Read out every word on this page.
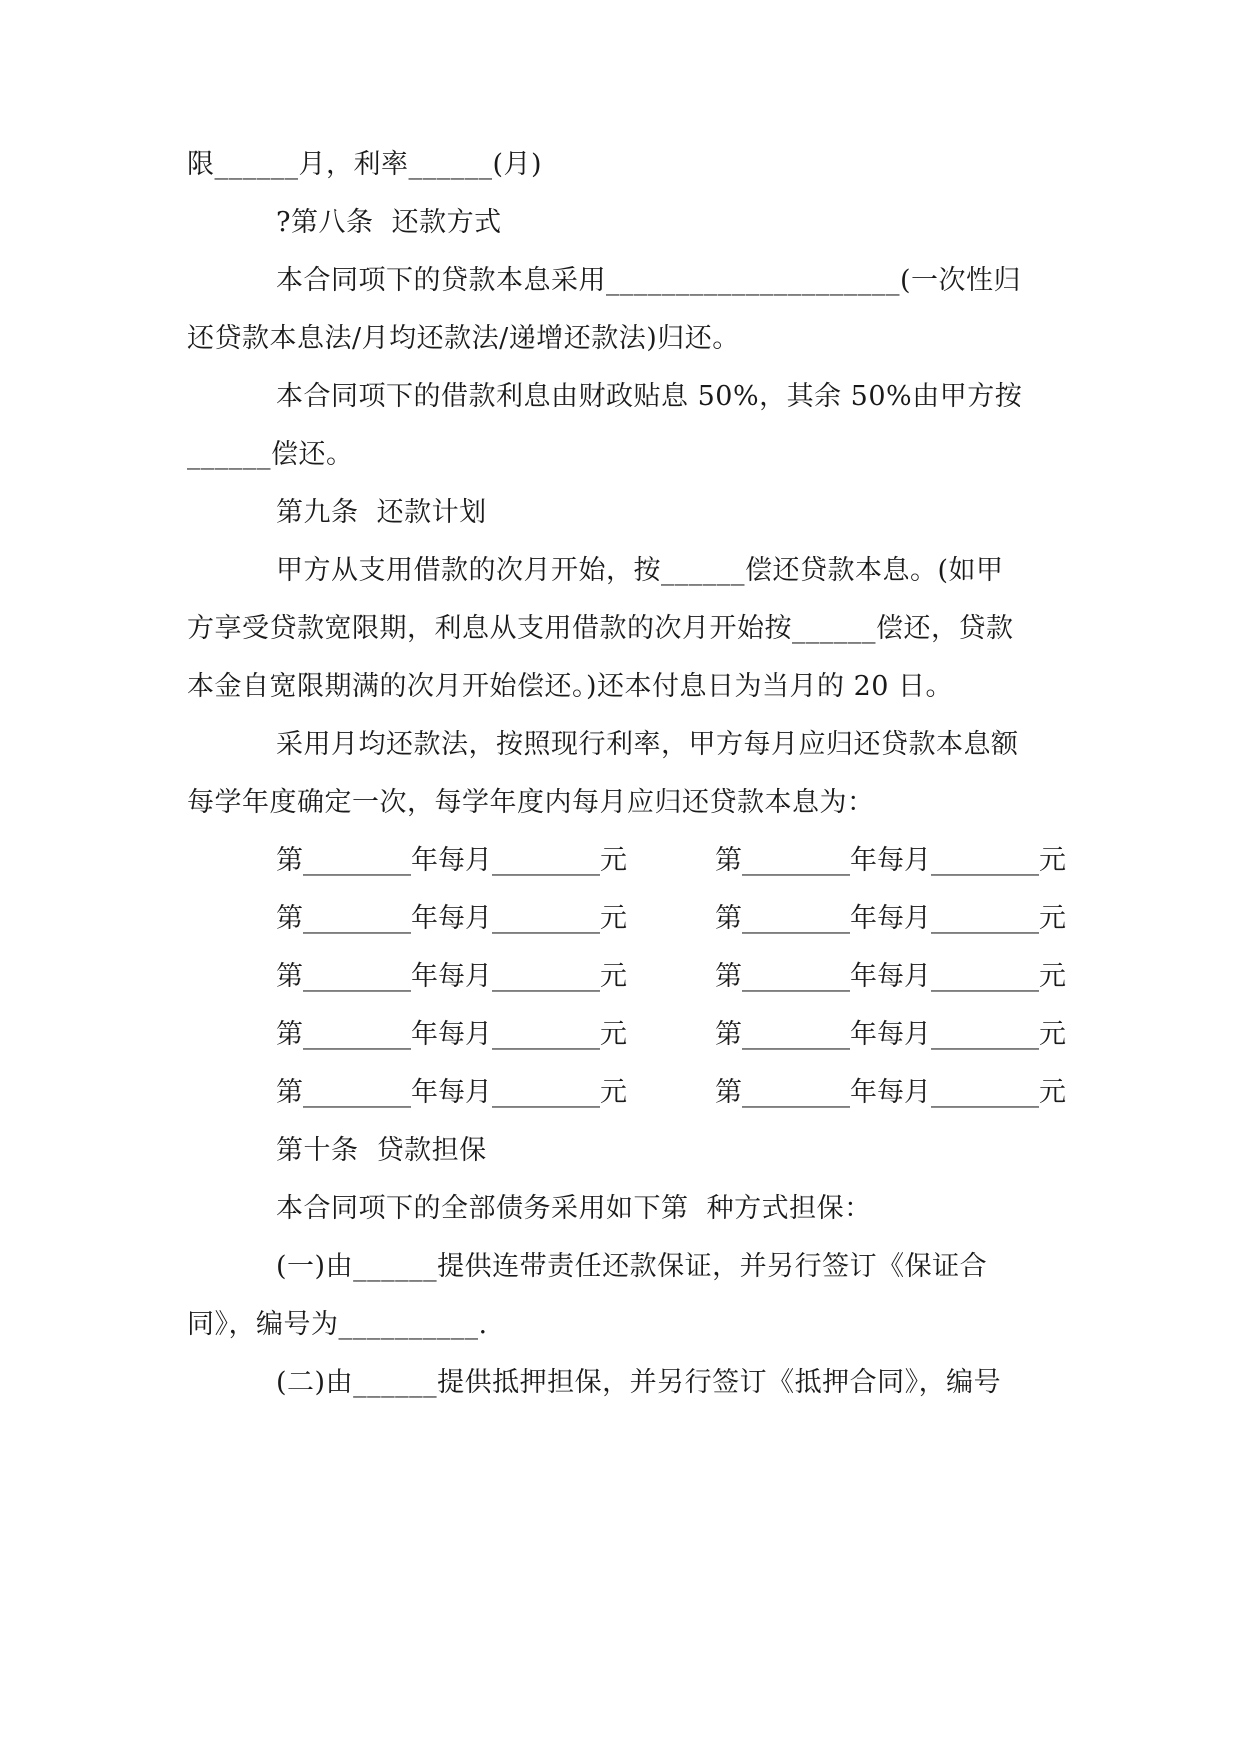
限______月，利率______(月)
?第八条  还款方式
本合同项下的贷款本息采用_____________________(一次性归
还贷款本息法/月均还款法/递增还款法)归还。
本合同项下的借款利息由财政贴息 50%，其余 50%由甲方按
______偿还。
第九条  还款计划
甲方从支用借款的次月开始，按______偿还贷款本息。(如甲
方享受贷款宽限期，利息从支用借款的次月开始按______偿还，贷款
本金自宽限期满的次月开始偿还。)还本付息日为当月的 20 日。
采用月均还款法，按照现行利率，甲方每月应归还贷款本息额
每学年度确定一次，每学年度内每月应归还贷款本息为：
第________年每月________元	第________年每月________元
第________年每月________元	第________年每月________元
第________年每月________元	第________年每月________元
第________年每月________元	第________年每月________元
第________年每月________元	第________年每月________元
第十条  贷款担保
本合同项下的全部债务采用如下第  种方式担保：
(一)由______提供连带责任还款保证，并另行签订《保证合
同》，编号为__________.
(二)由______提供抵押担保，并另行签订《抵押合同》，编号
